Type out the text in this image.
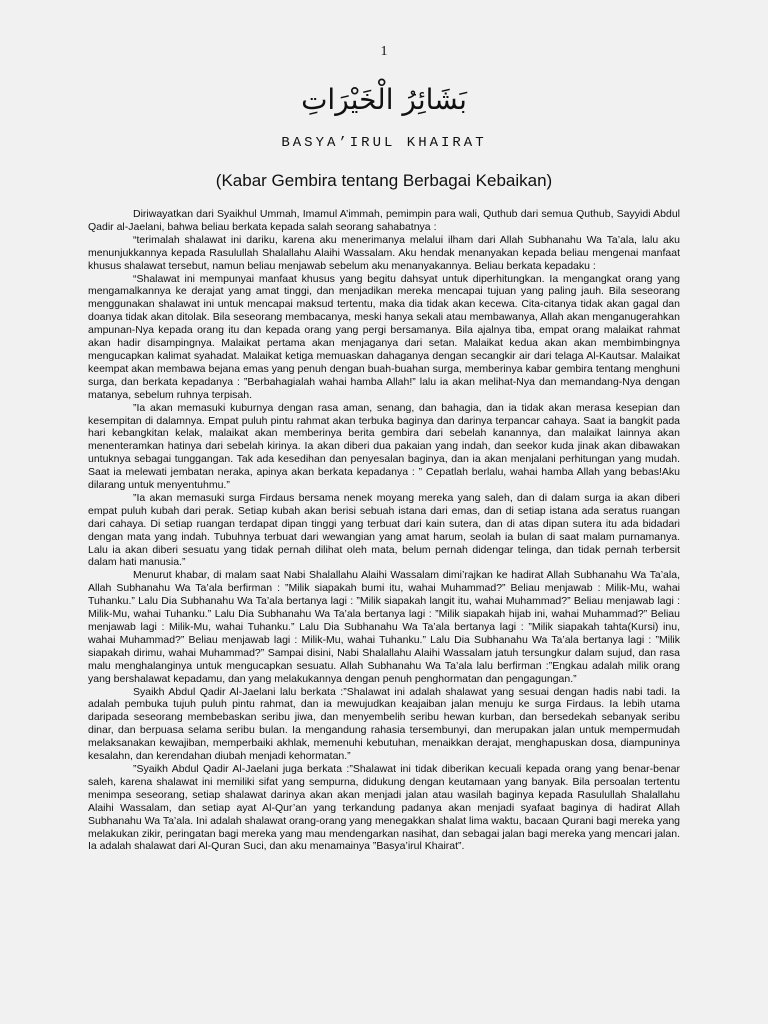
1
بَشَائِرُ الْخَيْرَاتِ
BASYA’IRUL KHAIRAT
(Kabar Gembira tentang Berbagai Kebaikan)

Diriwayatkan dari Syaikhul Ummah, Imamul A’immah, pemimpin para wali, Quthub dari semua Quthub, Sayyidi Abdul Qadir al-Jaelani, bahwa beliau berkata kepada salah seorang sahabatnya :

“terimalah shalawat ini dariku, karena aku menerimanya melalui ilham dari Allah Subhanahu Wa Ta’ala, lalu aku menunjukkannya kepada Rasulullah Shalallahu Alaihi Wassalam. Aku hendak menanyakan kepada beliau mengenai manfaat khusus shalawat tersebut, namun beliau menjawab sebelum aku menanyakannya. Beliau berkata kepadaku :

“Shalawat ini mempunyai manfaat khusus yang begitu dahsyat untuk diperhitungkan. Ia mengangkat orang yang mengamalkannya ke derajat yang amat tinggi, dan menjadikan mereka mencapai tujuan yang paling jauh. Bila seseorang menggunakan shalawat ini untuk mencapai maksud tertentu, maka dia tidak akan kecewa. Cita-citanya tidak akan gagal dan doanya tidak akan ditolak. Bila seseorang membacanya, meski hanya sekali atau membawanya, Allah akan menganugerahkan ampunan-Nya kepada orang itu dan kepada orang yang pergi bersamanya. Bila ajalnya tiba, empat orang malaikat rahmat akan hadir disampingnya. Malaikat pertama akan menjaganya dari setan. Malaikat kedua akan akan membimbingnya mengucapkan kalimat syahadat. Malaikat ketiga memuaskan dahaganya dengan secangkir air dari telaga Al-Kautsar. Malaikat keempat akan membawa bejana emas yang penuh dengan buah-buahan surga, memberinya kabar gembira tentang menghuni surga, dan berkata kepadanya : ”Berbahagialah wahai hamba Allah!” lalu ia akan melihat-Nya dan memandang-Nya dengan matanya, sebelum ruhnya terpisah.

”Ia akan memasuki kuburnya dengan rasa aman, senang, dan bahagia, dan ia tidak akan merasa kesepian dan kesempitan di dalamnya. Empat puluh pintu rahmat akan terbuka baginya dan darinya terpancar cahaya. Saat ia bangkit pada hari kebangkitan kelak, malaikat akan memberinya berita gembira dari sebelah kanannya, dan malaikat lainnya akan menenteramkan hatinya dari sebelah kirinya. Ia akan diberi dua pakaian yang indah, dan seekor kuda jinak akan dibawakan untuknya sebagai tunggangan. Tak ada kesedihan dan penyesalan baginya, dan ia akan menjalani perhitungan yang mudah. Saat ia melewati jembatan neraka, apinya akan berkata kepadanya : ” Cepatlah berlalu, wahai hamba Allah yang bebas!Aku dilarang untuk menyentuhmu.”

”Ia akan memasuki surga Firdaus bersama nenek moyang mereka yang saleh, dan di dalam surga ia akan diberi empat puluh kubah dari perak. Setiap kubah akan berisi sebuah istana dari emas, dan di setiap istana ada seratus ruangan dari cahaya. Di setiap ruangan terdapat dipan tinggi yang terbuat dari kain sutera, dan di atas dipan sutera itu ada bidadari dengan mata yang indah. Tubuhnya terbuat dari wewangian yang amat harum, seolah ia bulan di saat malam purnamanya. Lalu ia akan diberi sesuatu yang tidak pernah dilihat oleh mata, belum pernah didengar telinga, dan tidak pernah terbersit dalam hati manusia.”

Menurut khabar, di malam saat Nabi Shalallahu Alaihi Wassalam dimi’rajkan ke hadirat Allah Subhanahu Wa Ta’ala, Allah Subhanahu Wa Ta’ala berfirman : ”Milik siapakah bumi itu, wahai Muhammad?” Beliau menjawab : Milik-Mu, wahai Tuhanku.” Lalu Dia Subhanahu Wa Ta’ala bertanya lagi : ”Milik siapakah langit itu, wahai Muhammad?” Beliau menjawab lagi : Milik-Mu, wahai Tuhanku.” Lalu Dia Subhanahu Wa Ta’ala bertanya lagi : ”Milik siapakah hijab ini, wahai Muhammad?” Beliau menjawab lagi : Milik-Mu, wahai Tuhanku.” Lalu Dia Subhanahu Wa Ta’ala bertanya lagi : ”Milik siapakah tahta(Kursi) inu, wahai Muhammad?” Beliau menjawab lagi : Milik-Mu, wahai Tuhanku.” Lalu Dia Subhanahu Wa Ta’ala bertanya lagi : ”Milik siapakah dirimu, wahai Muhammad?” Sampai disini, Nabi Shalallahu Alaihi Wassalam jatuh tersungkur dalam sujud, dan rasa malu menghalanginya untuk mengucapkan sesuatu. Allah Subhanahu Wa Ta’ala lalu berfirman :”Engkau adalah milik orang yang bershalawat kepadamu, dan yang melakukannya dengan penuh penghormatan dan pengagungan.”

Syaikh Abdul Qadir Al-Jaelani lalu berkata :”Shalawat ini adalah shalawat yang sesuai dengan hadis nabi tadi. Ia adalah pembuka tujuh puluh pintu rahmat, dan ia mewujudkan keajaiban jalan menuju ke surga Firdaus. Ia lebih utama daripada seseorang membebaskan seribu jiwa, dan menyembelih seribu hewan kurban, dan bersedekah sebanyak seribu dinar, dan berpuasa selama seribu bulan. Ia mengandung rahasia tersembunyi, dan merupakan jalan untuk mempermudah melaksanakan kewajiban, memperbaiki akhlak, memenuhi kebutuhan, menaikkan derajat, menghapuskan dosa, diampuninya kesalahn, dan kerendahan diubah menjadi kehormatan.”

”Syaikh Abdul Qadir Al-Jaelani juga berkata :”Shalawat ini tidak diberikan kecuali kepada orang yang benar-benar saleh, karena shalawat ini memiliki sifat yang sempurna, didukung dengan keutamaan yang banyak. Bila persoalan tertentu menimpa seseorang, setiap shalawat darinya akan akan menjadi jalan atau wasilah baginya kepada Rasulullah Shalallahu Alaihi Wassalam, dan setiap ayat Al-Qur’an yang terkandung padanya akan menjadi syafaat baginya di hadirat Allah Subhanahu Wa Ta’ala. Ini adalah shalawat orang-orang yang menegakkan shalat lima waktu, bacaan Qurani bagi mereka yang melakukan zikir, peringatan bagi mereka yang mau mendengarkan nasihat, dan sebagai jalan bagi mereka yang mencari jalan. Ia adalah shalawat dari Al-Quran Suci, dan aku menamainya ”Basya’irul Khairat”.
